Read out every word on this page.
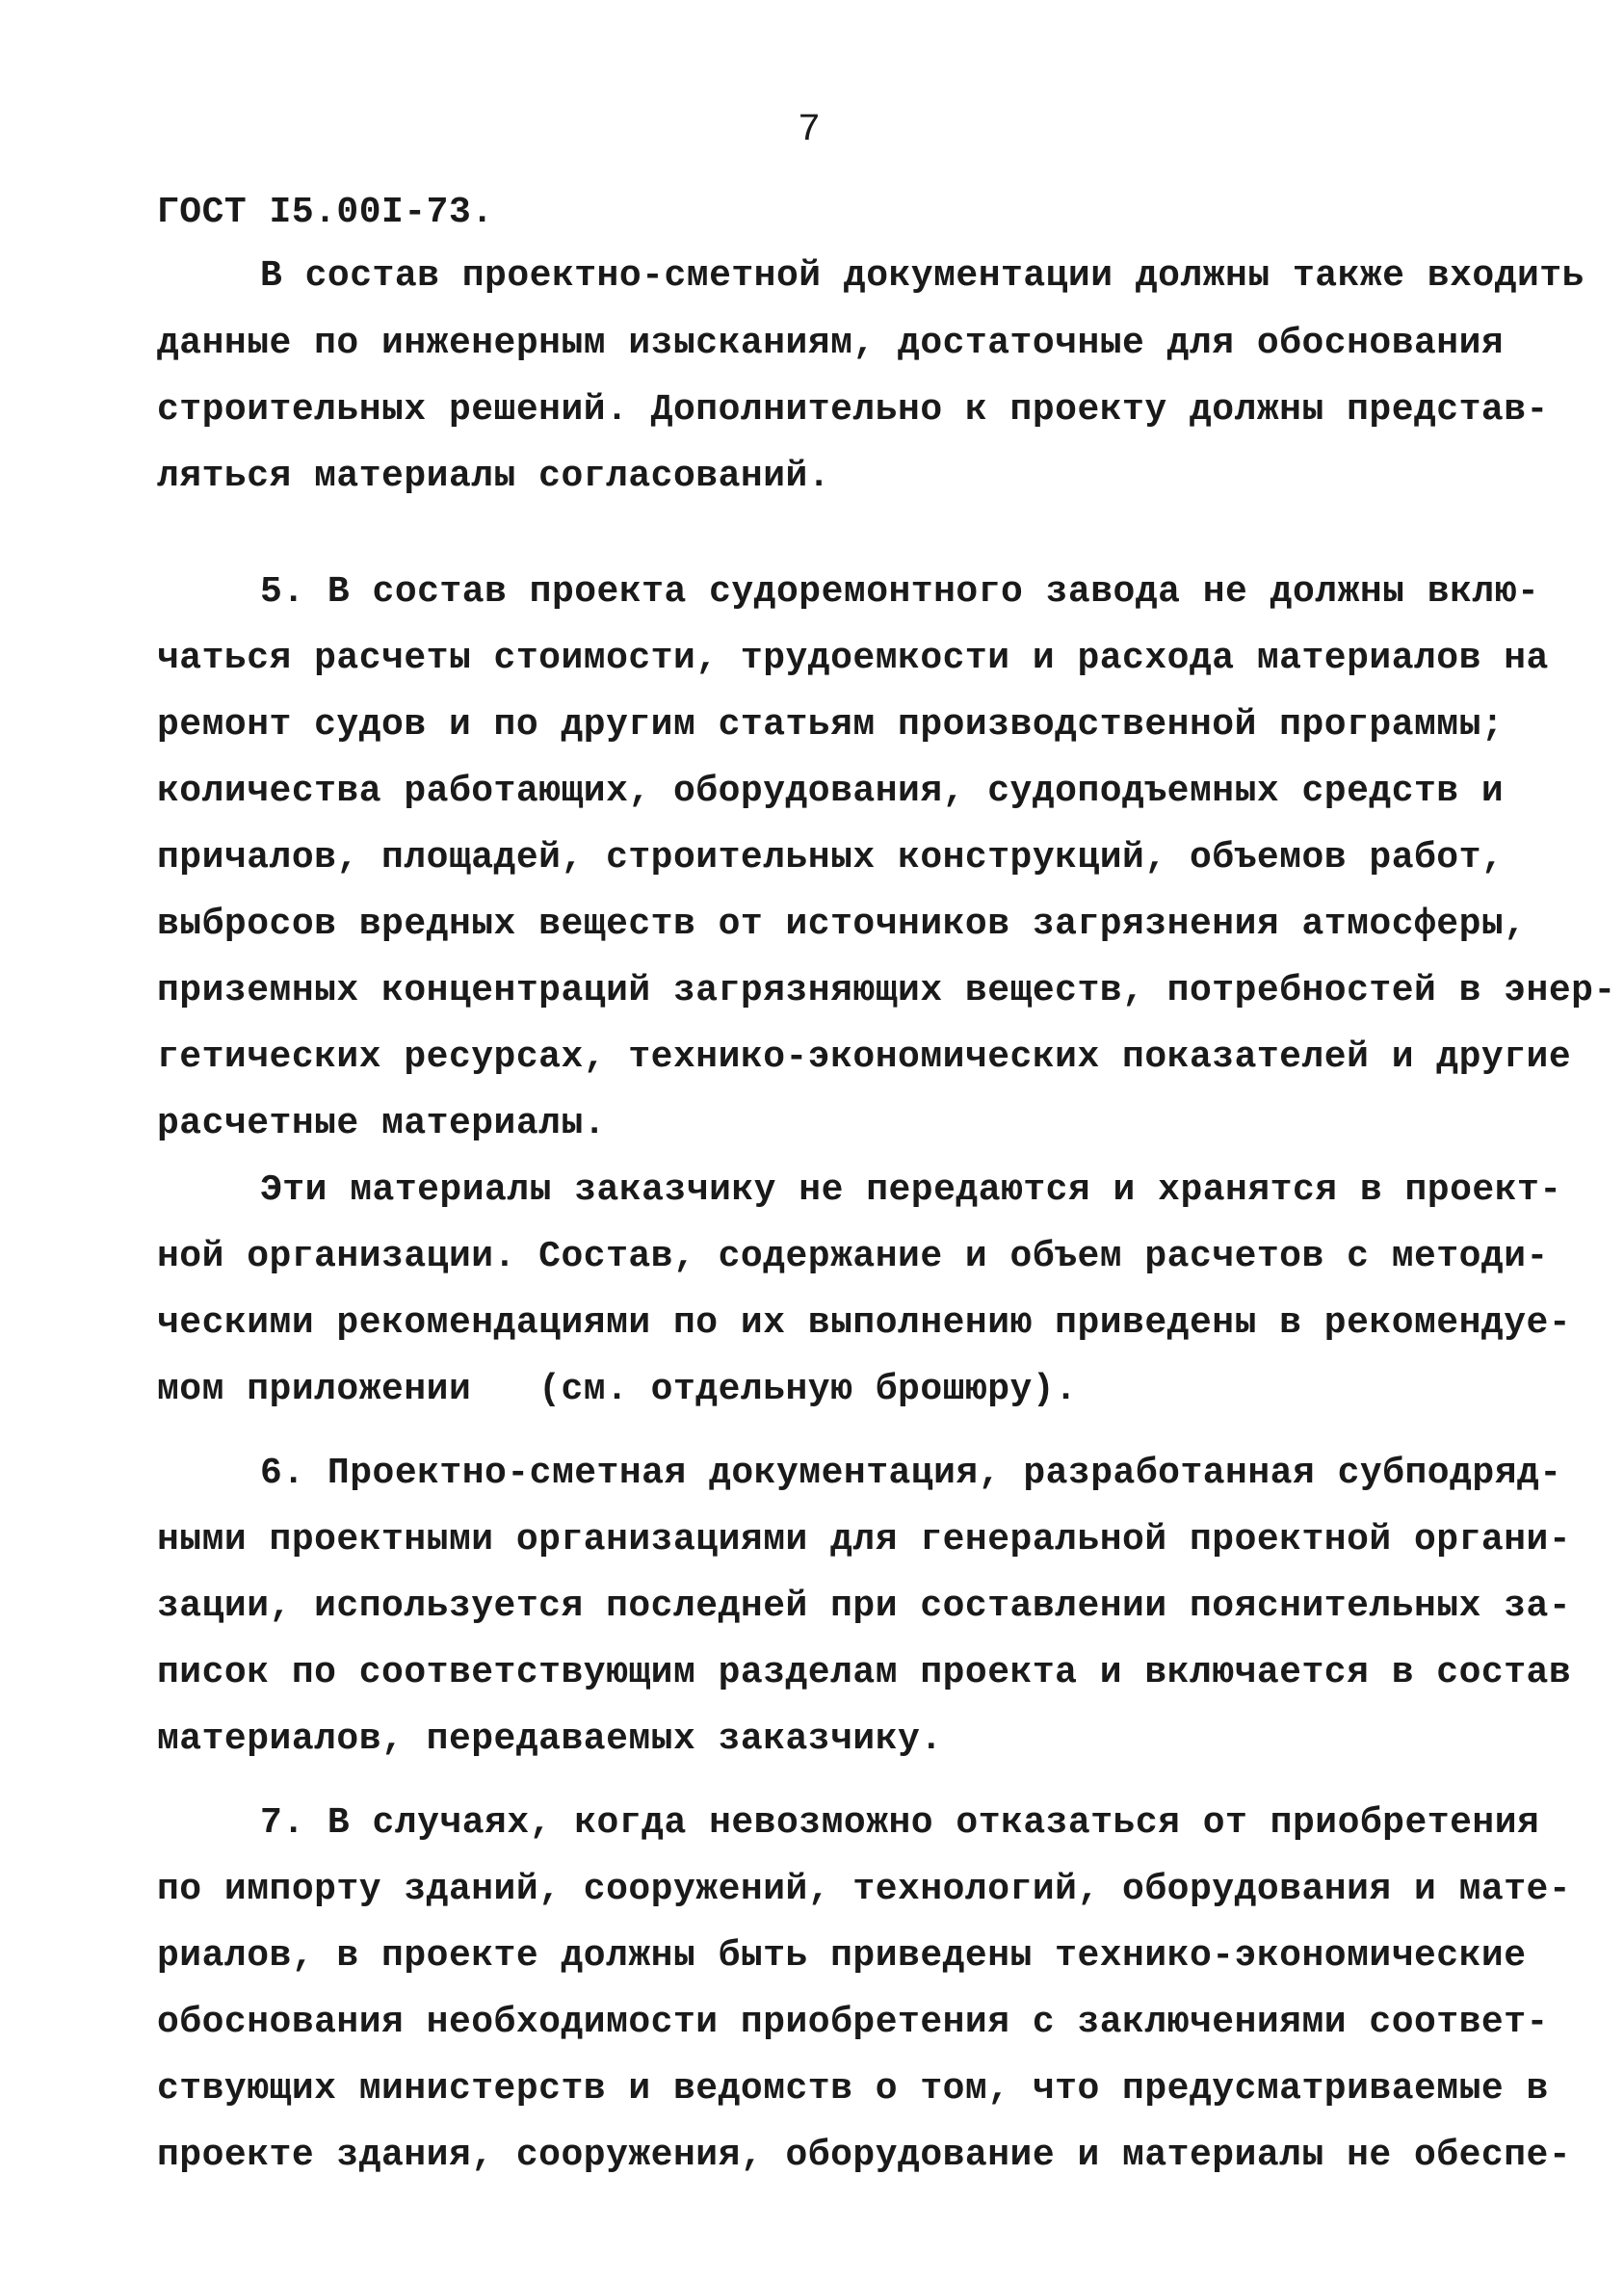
7
ГОСТ I5.00I-73.
В состав проектно-сметной документации должны также входить
данные по инженерным изысканиям, достаточные для обоснования
строительных решений. Дополнительно к проекту должны представ-
ляться материалы согласований.
5. В состав проекта судоремонтного завода не должны вклю-
чаться расчеты стоимости, трудоемкости и расхода материалов на
ремонт судов и по другим статьям производственной программы;
количества работающих, оборудования, судоподъемных средств и
причалов, площадей, строительных конструкций, объемов работ,
выбросов вредных веществ от источников загрязнения атмосферы,
приземных концентраций загрязняющих веществ, потребностей в энер-
гетических ресурсах, технико-экономических показателей и другие
расчетные материалы.
Эти материалы заказчику не передаются и хранятся в проект-
ной организации. Состав, содержание и объем расчетов с методи-
ческими рекомендациями по их выполнению приведены в рекомендуе-
мом приложении   (см. отдельную брошюру).
6. Проектно-сметная документация, разработанная субподряд-
ными проектными организациями для генеральной проектной органи-
зации, используется последней при составлении пояснительных за-
писок по соответствующим разделам проекта и включается в состав
материалов, передаваемых заказчику.
7. В случаях, когда невозможно отказаться от приобретения
по импорту зданий, сооружений, технологий, оборудования и мате-
риалов, в проекте должны быть приведены технико-экономические
обоснования необходимости приобретения с заключениями соответ-
ствующих министерств и ведомств о том, что предусматриваемые в
проекте здания, сооружения, оборудование и материалы не обеспе-
